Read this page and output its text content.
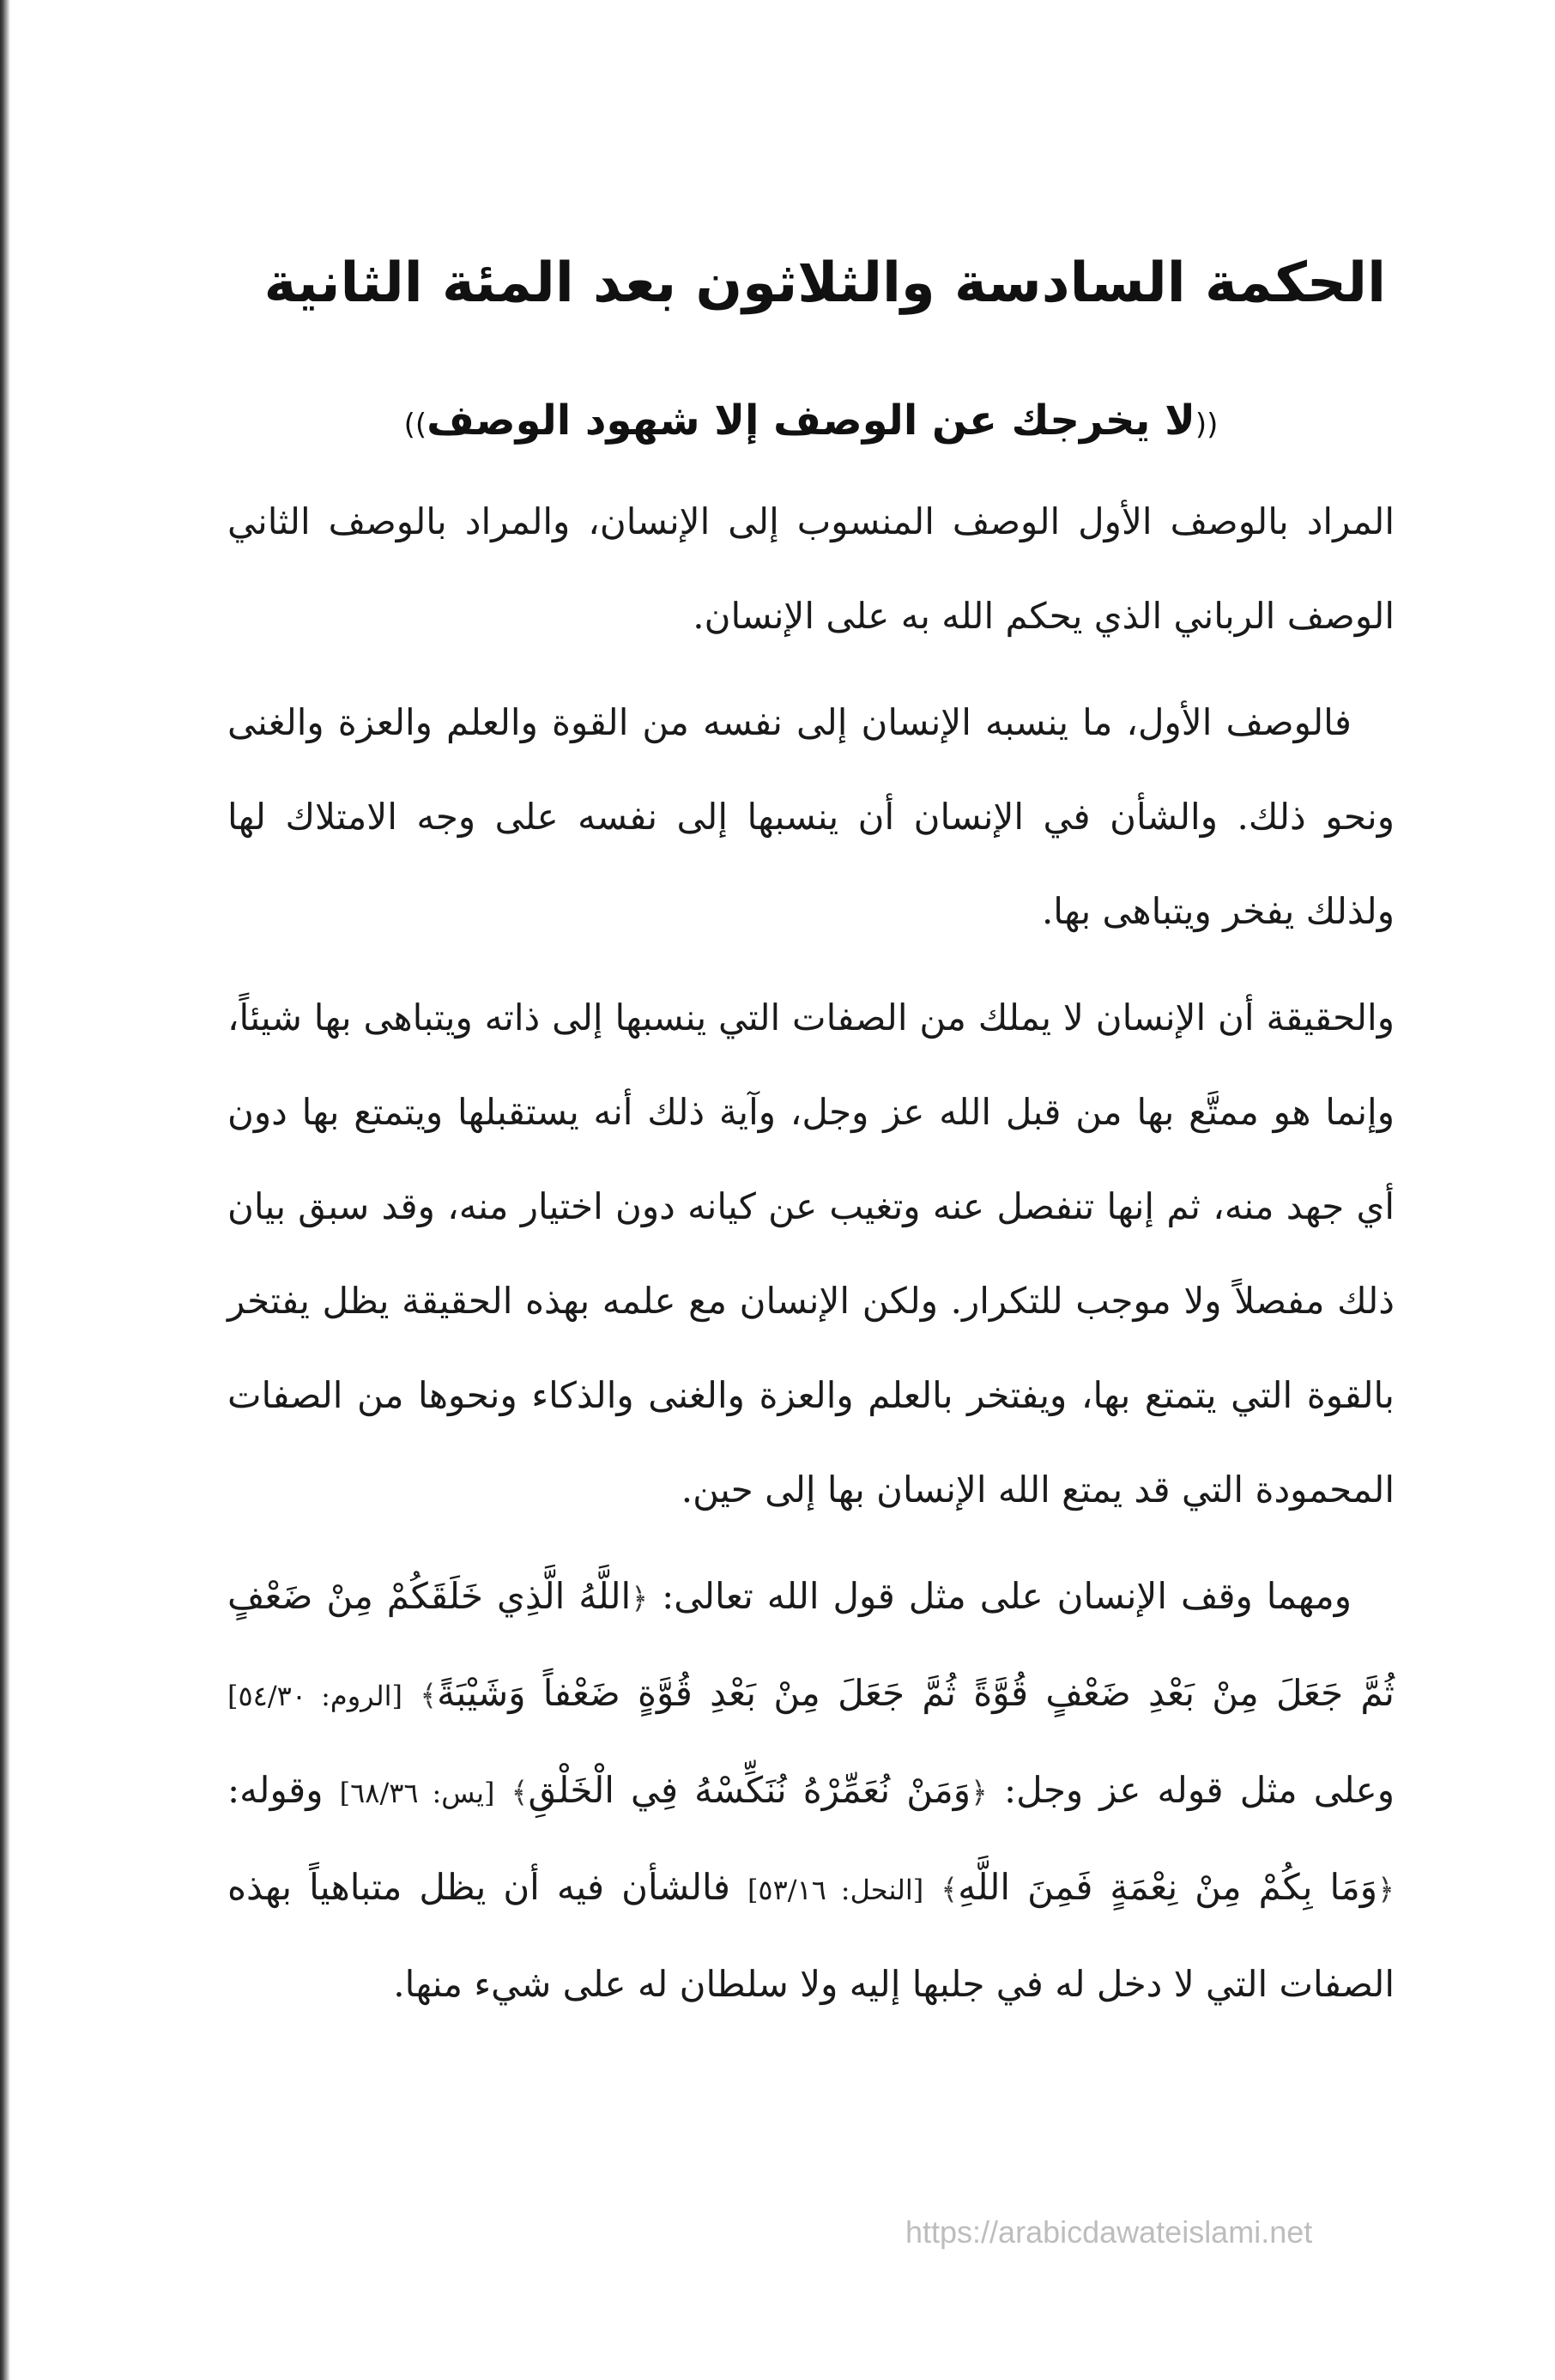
الحكمة السادسة والثلاثون بعد المئة الثانية
((لا يخرجك عن الوصف إلا شهود الوصف))

المراد بالوصف الأول الوصف المنسوب إلى الإنسان، والمراد بالوصف الثاني الوصف الرباني الذي يحكم الله به على الإنسان.

فالوصف الأول، ما ينسبه الإنسان إلى نفسه من القوة والعلم والعزة والغنى ونحو ذلك. والشأن في الإنسان أن ينسبها إلى نفسه على وجه الامتلاك لها ولذلك يفخر ويتباهى بها.

والحقيقة أن الإنسان لا يملك من الصفات التي ينسبها إلى ذاته ويتباهى بها شيئاً، وإنما هو ممتَّع بها من قبل الله عز وجل، وآية ذلك أنه يستقبلها ويتمتع بها دون أي جهد منه، ثم إنها تنفصل عنه وتغيب عن كيانه دون اختيار منه، وقد سبق بيان ذلك مفصلاً ولا موجب للتكرار. ولكن الإنسان مع علمه بهذه الحقيقة يظل يفتخر بالقوة التي يتمتع بها، ويفتخر بالعلم والعزة والغنى والذكاء ونحوها من الصفات المحمودة التي قد يمتع الله الإنسان بها إلى حين.

ومهما وقف الإنسان على مثل قول الله تعالى: ﴿اللَّهُ الَّذِي خَلَقَكُمْ مِنْ ضَعْفٍ ثُمَّ جَعَلَ مِنْ بَعْدِ ضَعْفٍ قُوَّةً ثُمَّ جَعَلَ مِنْ بَعْدِ قُوَّةٍ ضَعْفاً وَشَيْبَةً﴾ [الروم: ٥٤/٣٠] وعلى مثل قوله عز وجل: ﴿وَمَنْ نُعَمِّرْهُ نُنَكِّسْهُ فِي الْخَلْقِ﴾ [يس: ٦٨/٣٦] وقوله: ﴿وَمَا بِكُمْ مِنْ نِعْمَةٍ فَمِنَ اللَّهِ﴾ [النحل: ٥٣/١٦] فالشأن فيه أن يظل متباهياً بهذه الصفات التي لا دخل له في جلبها إليه ولا سلطان له على شيء منها.

https://arabicdawateislami.net
